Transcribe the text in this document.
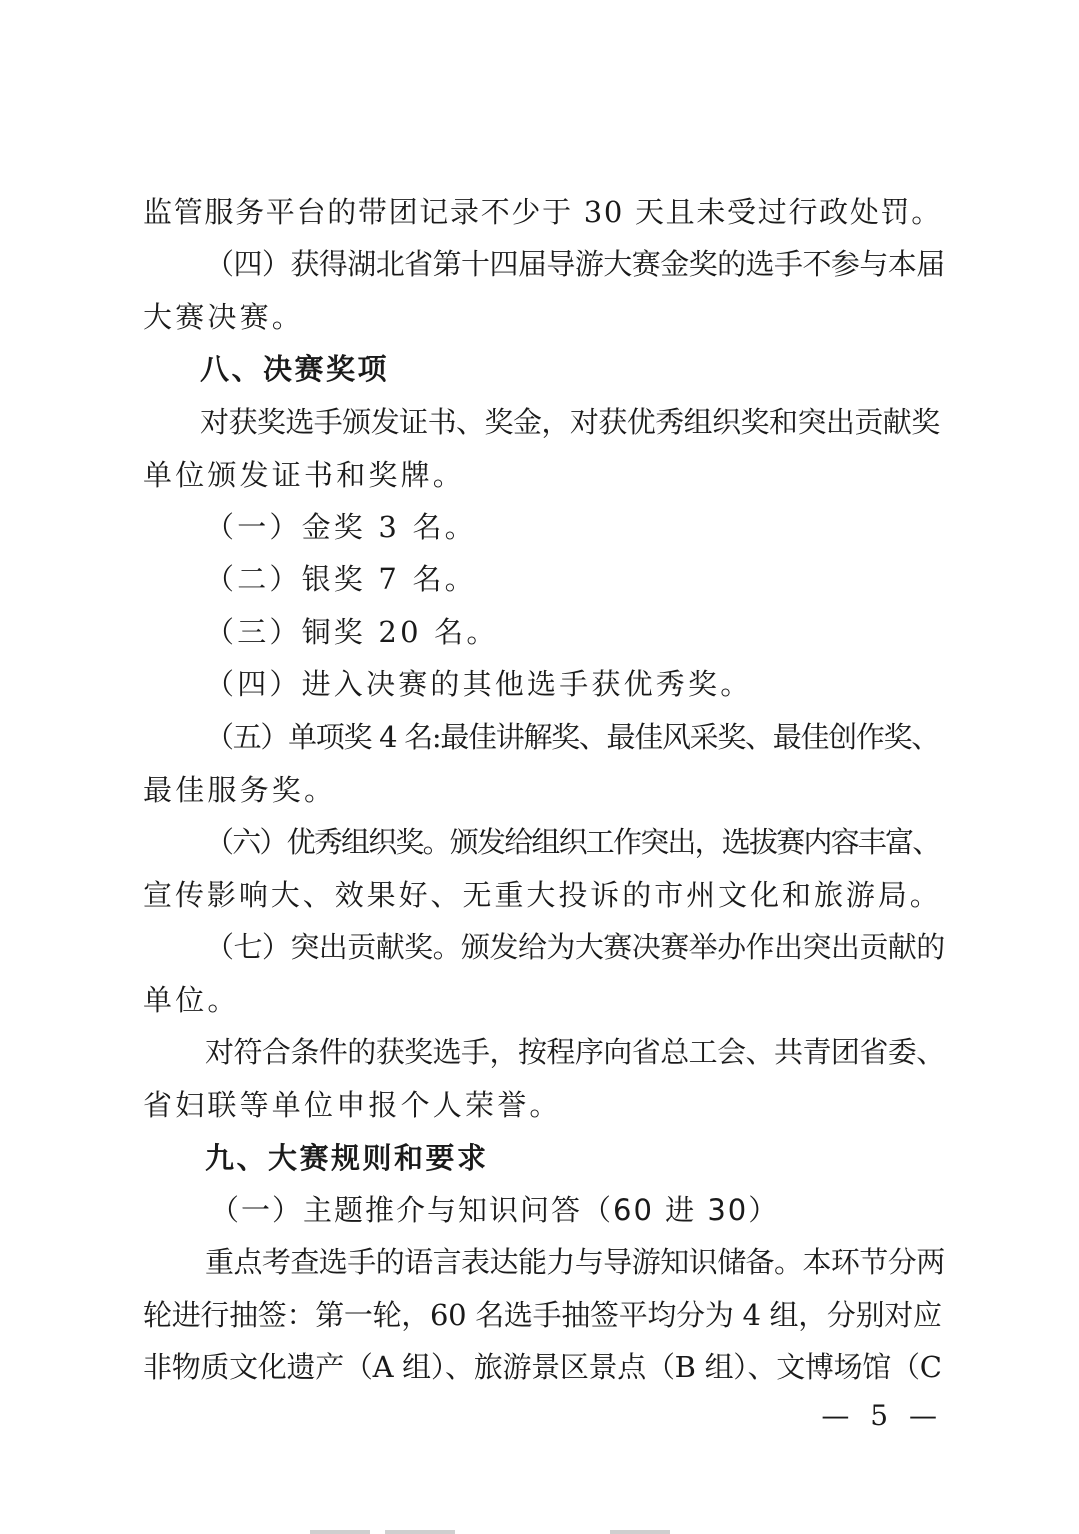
监管服务平台的带团记录不少于 30 天且未受过行政处罚。
（四）获得湖北省第十四届导游大赛金奖的选手不参与本届
大赛决赛。
八、决赛奖项
对获奖选手颁发证书、奖金，对获优秀组织奖和突出贡献奖
单位颁发证书和奖牌。
（一）金奖 3 名。
（二）银奖 7 名。
（三）铜奖 20 名。
（四）进入决赛的其他选手获优秀奖。
（五）单项奖 4 名:最佳讲解奖、最佳风采奖、最佳创作奖、
最佳服务奖。
（六）优秀组织奖。颁发给组织工作突出，选拔赛内容丰富、
宣传影响大、效果好、无重大投诉的市州文化和旅游局。
（七）突出贡献奖。颁发给为大赛决赛举办作出突出贡献的
单位。
对符合条件的获奖选手，按程序向省总工会、共青团省委、
省妇联等单位申报个人荣誉。
九、大赛规则和要求
（一）主题推介与知识问答（60 进 30）
重点考查选手的语言表达能力与导游知识储备。本环节分两
轮进行抽签：第一轮，60 名选手抽签平均分为 4 组，分别对应
非物质文化遗产（A 组）、旅游景区景点（B 组）、文博场馆（C
— 5 —
